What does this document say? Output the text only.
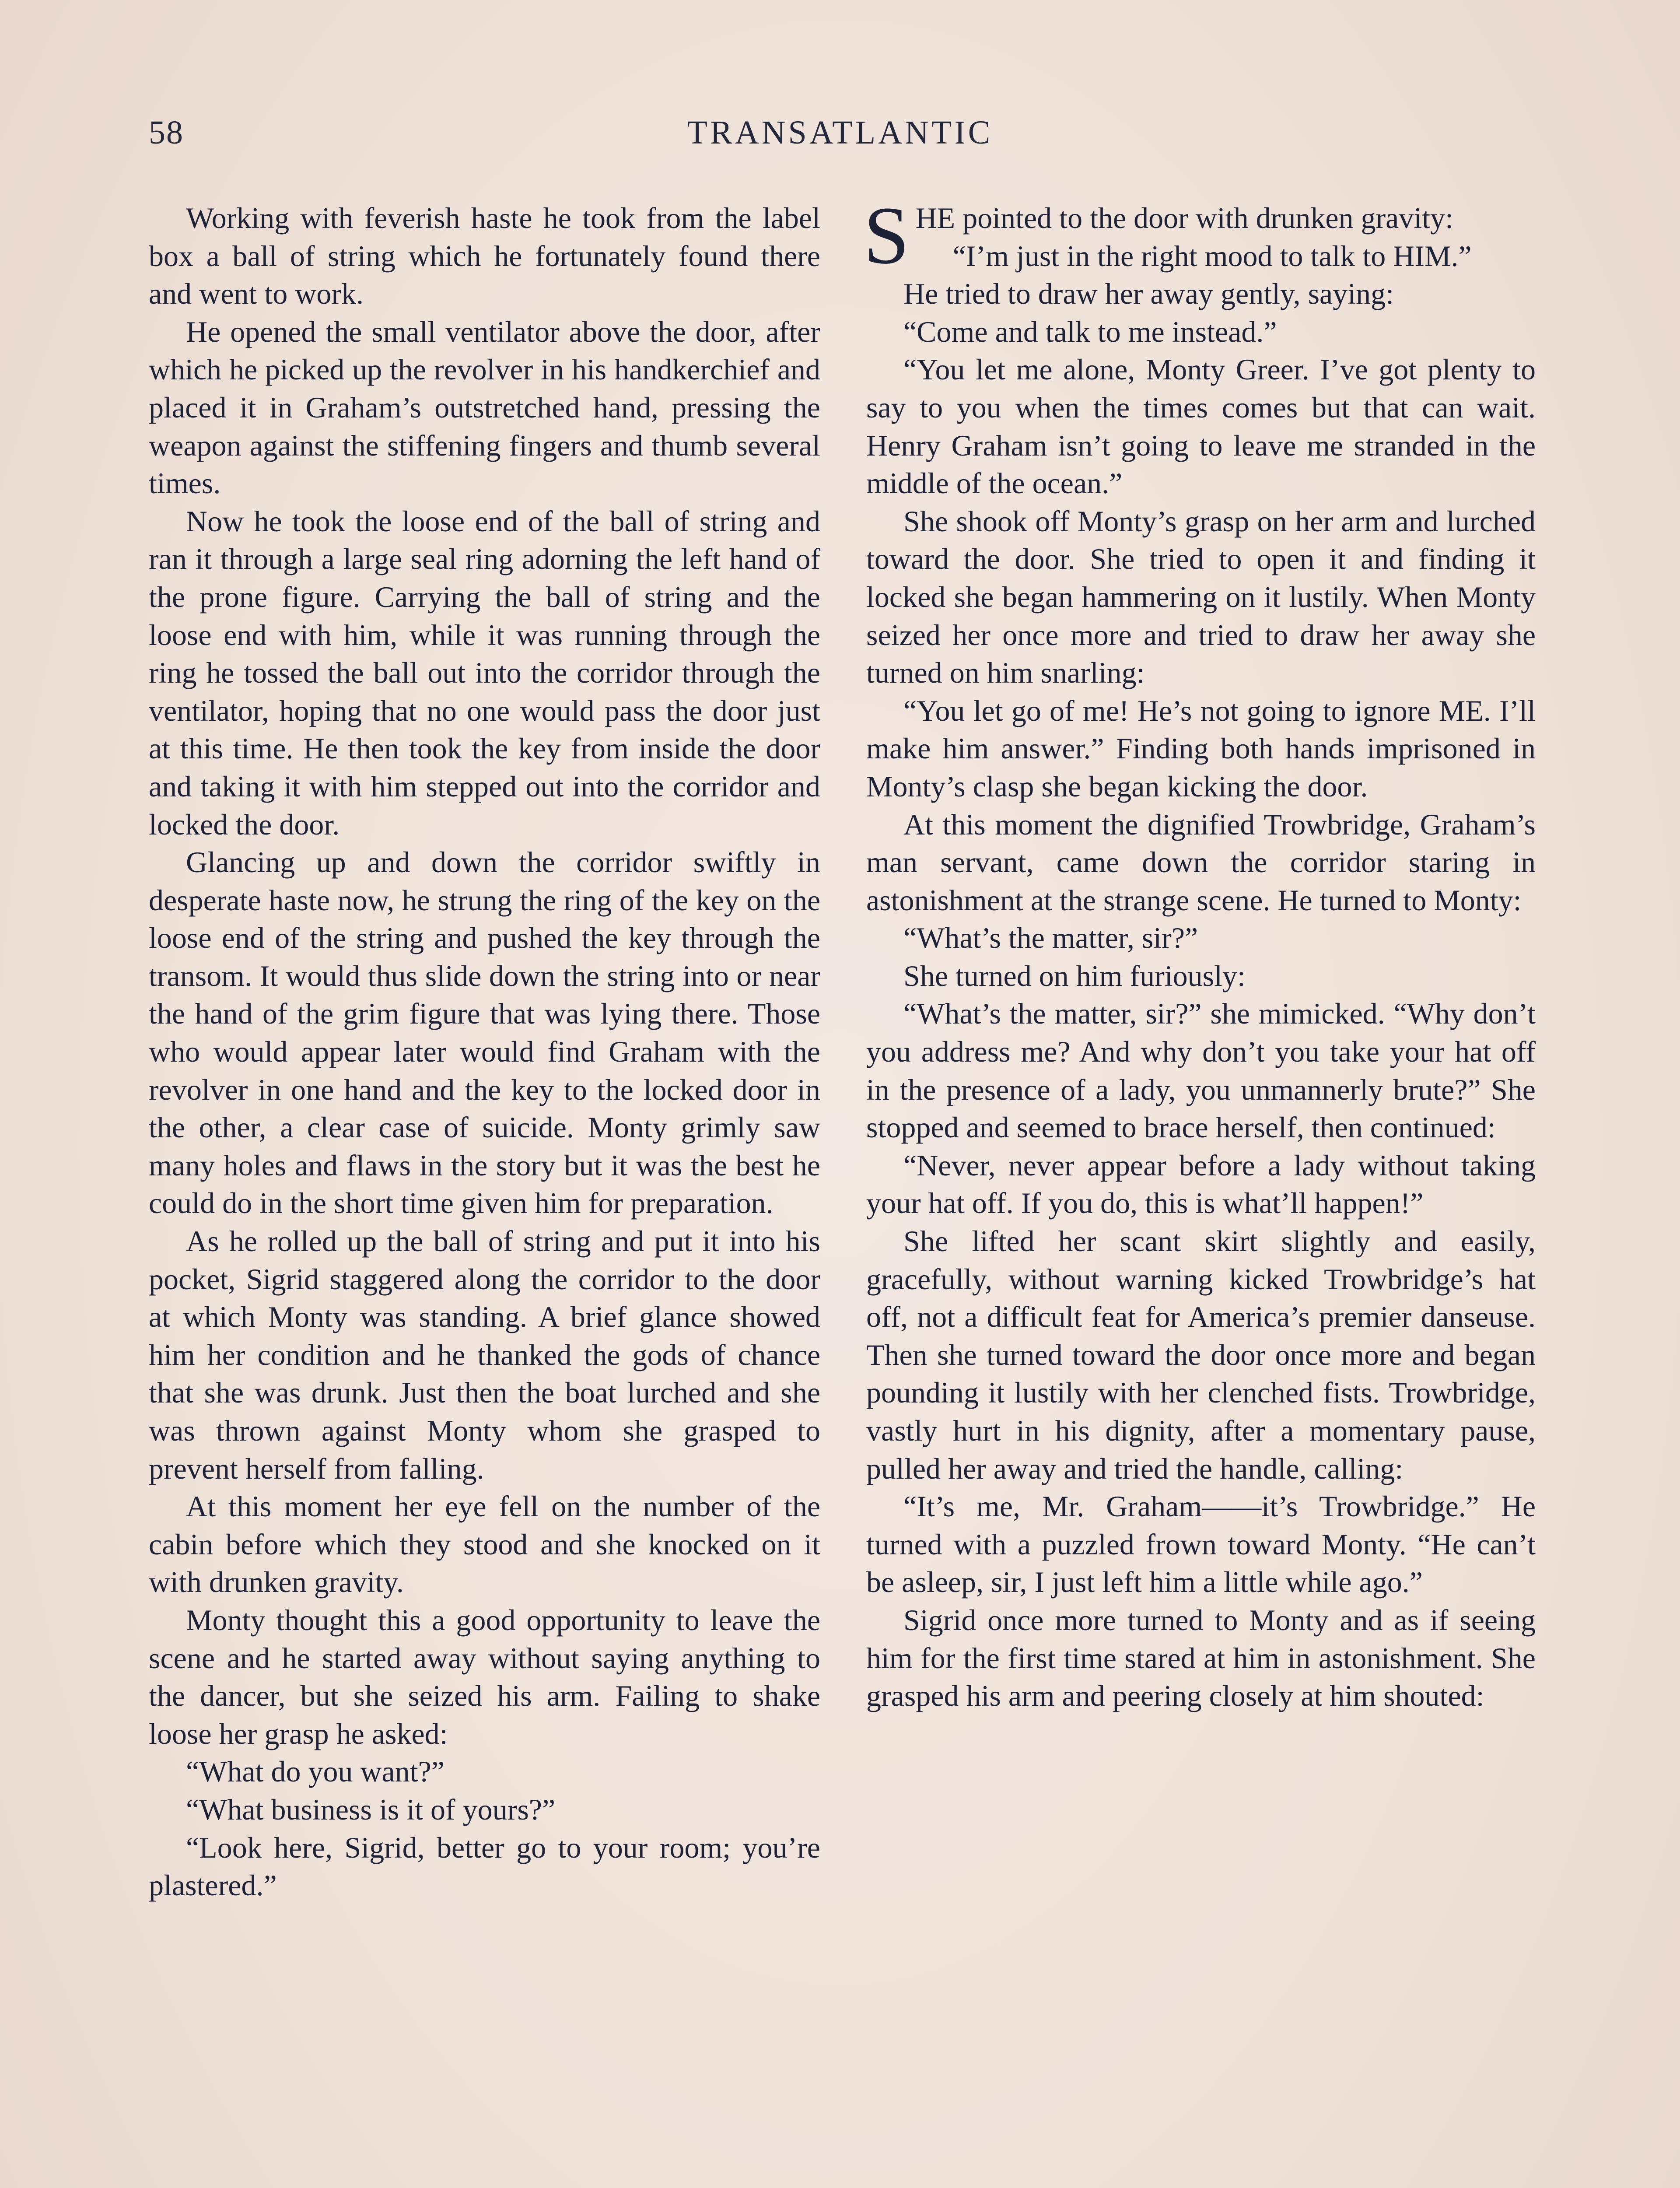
58	TRANSATLANTIC

Working with feverish haste he took from the label box a ball of string which he fortunately found there and went to work.

He opened the small ventilator above the door, after which he picked up the revolver in his handkerchief and placed it in Graham’s outstretched hand, pressing the weapon against the stiffening fingers and thumb several times.

Now he took the loose end of the ball of string and ran it through a large seal ring adorning the left hand of the prone figure. Carrying the ball of string and the loose end with him, while it was running through the ring he tossed the ball out into the corridor through the ventilator, hoping that no one would pass the door just at this time. He then took the key from inside the door and taking it with him stepped out into the corridor and locked the door.

Glancing up and down the corridor swiftly in desperate haste now, he strung the ring of the key on the loose end of the string and pushed the key through the transom. It would thus slide down the string into or near the hand of the grim figure that was lying there. Those who would appear later would find Graham with the revolver in one hand and the key to the locked door in the other, a clear case of suicide. Monty grimly saw many holes and flaws in the story but it was the best he could do in the short time given him for preparation.

As he rolled up the ball of string and put it into his pocket, Sigrid staggered along the corridor to the door at which Monty was standing. A brief glance showed him her condition and he thanked the gods of chance that she was drunk. Just then the boat lurched and she was thrown against Monty whom she grasped to prevent herself from falling.

At this moment her eye fell on the number of the cabin before which they stood and she knocked on it with drunken gravity.

Monty thought this a good opportunity to leave the scene and he started away without saying anything to the dancer, but she seized his arm. Failing to shake loose her grasp he asked:

“What do you want?”

“What business is it of yours?”

“Look here, Sigrid, better go to your room; you’re plastered.”

SHE pointed to the door with drunken gravity:

“I’m just in the right mood to talk to HIM.”

He tried to draw her away gently, saying:

“Come and talk to me instead.”

“You let me alone, Monty Greer. I’ve got plenty to say to you when the times comes but that can wait. Henry Graham isn’t going to leave me stranded in the middle of the ocean.”

She shook off Monty’s grasp on her arm and lurched toward the door. She tried to open it and finding it locked she began hammering on it lustily. When Monty seized her once more and tried to draw her away she turned on him snarling:

“You let go of me! He’s not going to ignore ME. I’ll make him answer.” Finding both hands imprisoned in Monty’s clasp she began kicking the door.

At this moment the dignified Trowbridge, Graham’s man servant, came down the corridor staring in astonishment at the strange scene. He turned to Monty:

“What’s the matter, sir?”

She turned on him furiously:

“What’s the matter, sir?” she mimicked. “Why don’t you address me? And why don’t you take your hat off in the presence of a lady, you unmannerly brute?” She stopped and seemed to brace herself, then continued:

“Never, never appear before a lady without taking your hat off. If you do, this is what’ll happen!”

She lifted her scant skirt slightly and easily, gracefully, without warning kicked Trowbridge’s hat off, not a difficult feat for America’s premier danseuse. Then she turned toward the door once more and began pounding it lustily with her clenched fists. Trowbridge, vastly hurt in his dignity, after a momentary pause, pulled her away and tried the handle, calling:

“It’s me, Mr. Graham——it’s Trowbridge.” He turned with a puzzled frown toward Monty. “He can’t be asleep, sir, I just left him a little while ago.”

Sigrid once more turned to Monty and as if seeing him for the first time stared at him in astonishment. She grasped his arm and peering closely at him shouted:
